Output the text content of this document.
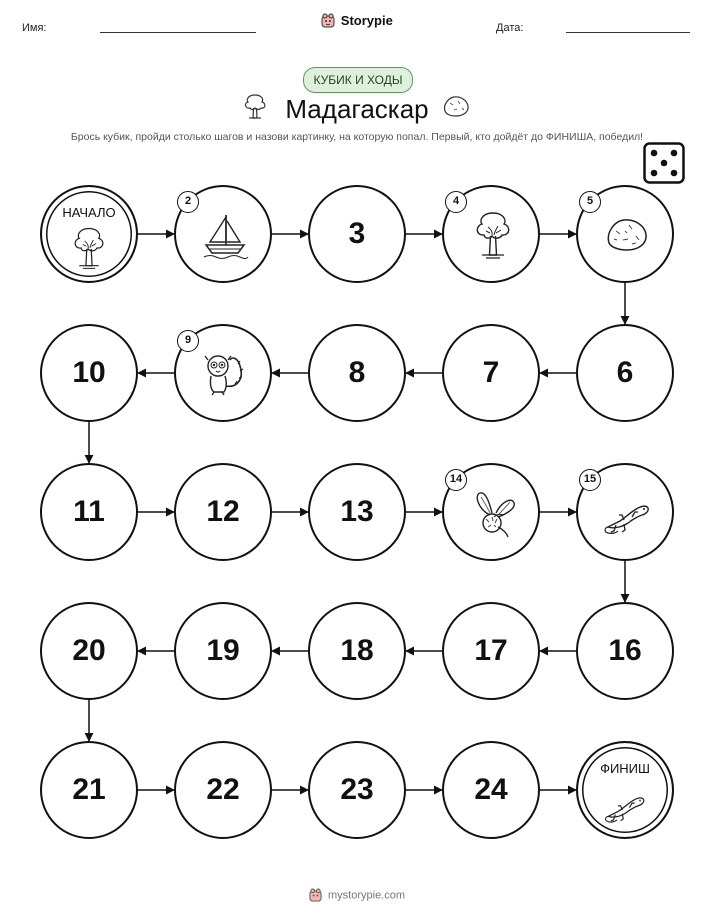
Имя:	Дата:
Storypie
КУБИК И ХОДЫ
Мадагаскар
Брось кубик, пройди столько шагов и назови картинку, на которую попал. Первый, кто дойдёт до ФИНИША, победил!
НАЧАЛО
2
3
4	5
6
7
8
9
10
11	12	13
14	15
16
17
18
19
20
21	22	23	24
ФИНИШ
mystorypie.com
